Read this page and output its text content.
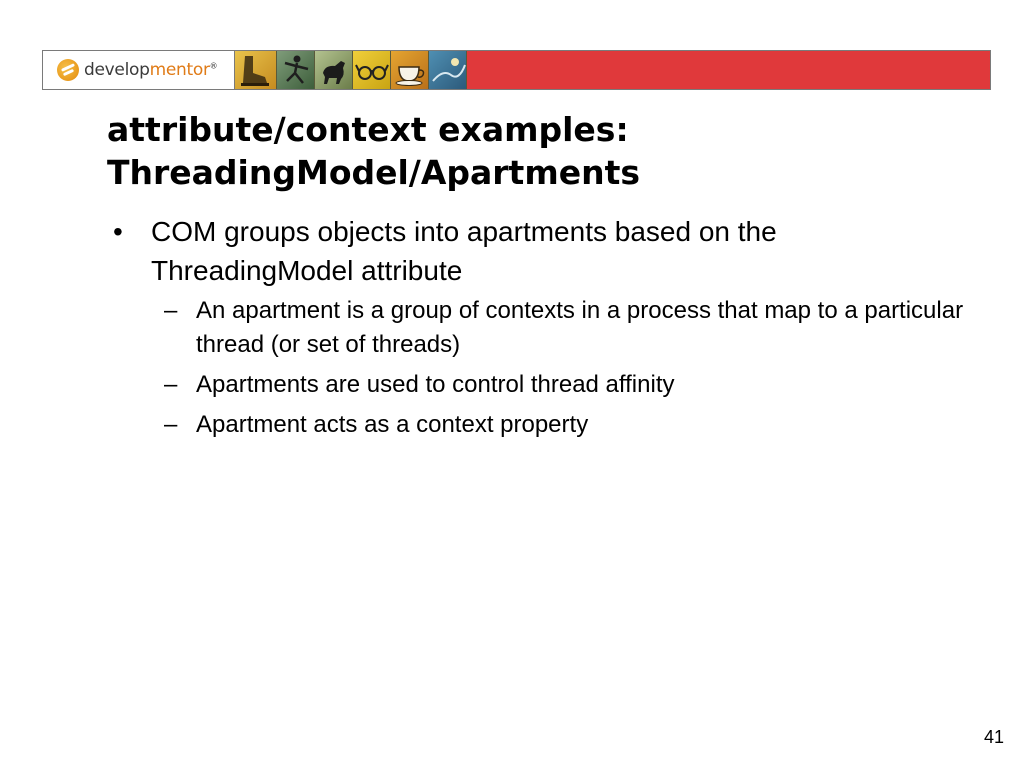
developmentor®
attribute/context examples:
ThreadingModel/Apartments
•	COM groups objects into apartments based on the ThreadingModel attribute
– An apartment is a group of contexts in a process that map to a particular thread (or set of threads)
– Apartments are used to control thread affinity
– Apartment acts as a context property
41
